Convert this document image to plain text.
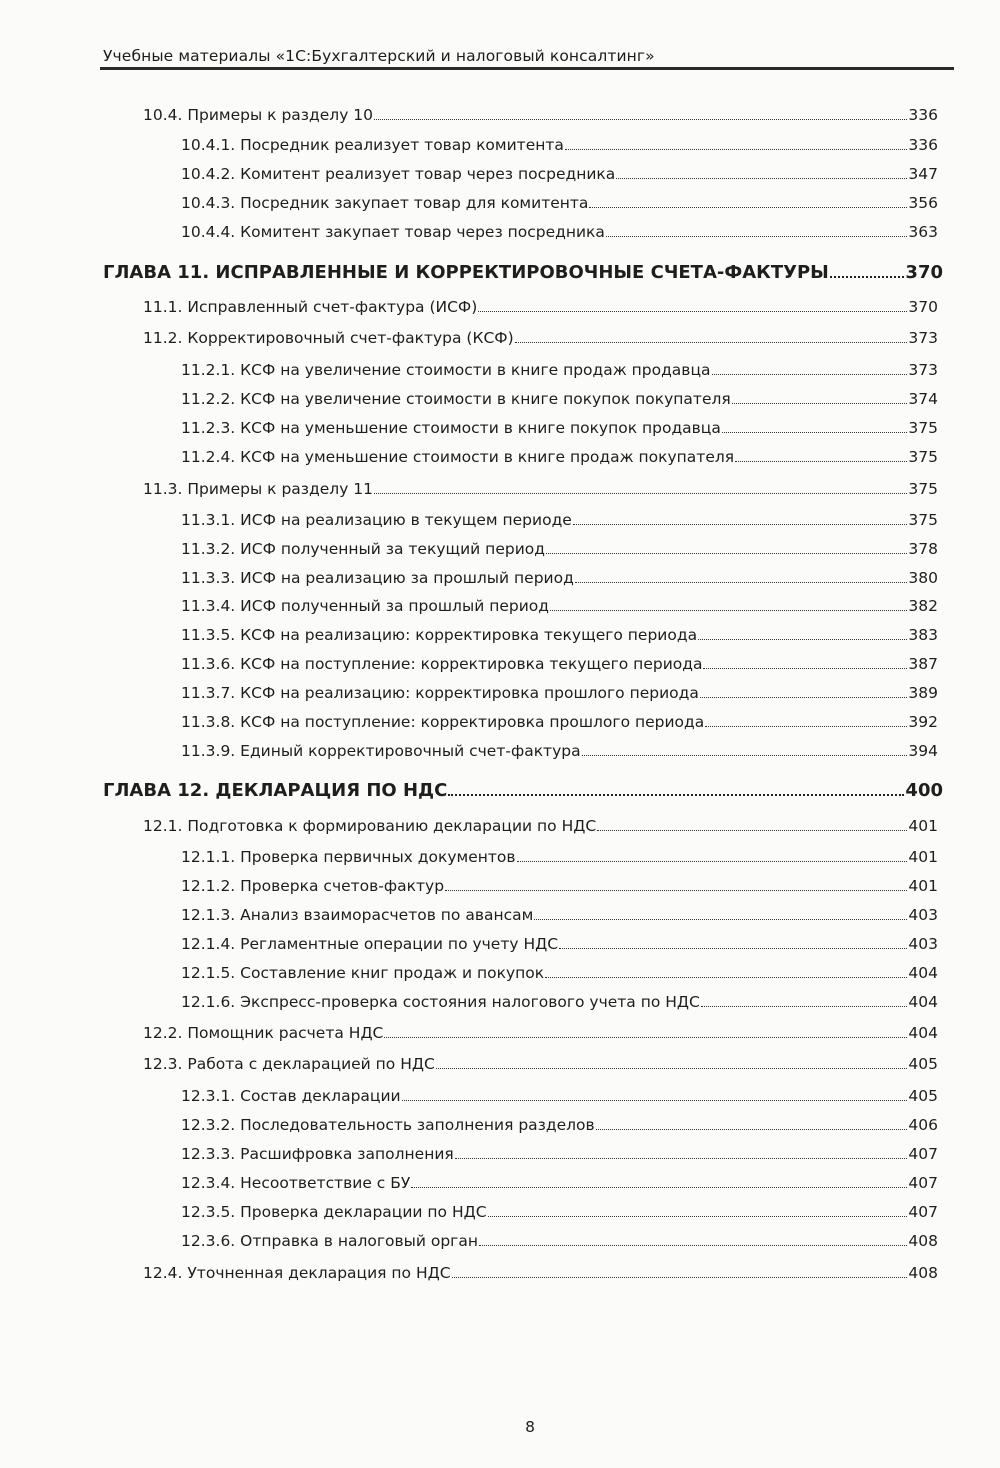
Учебные материалы «1С:Бухгалтерский и налоговый консалтинг»
10.4. Примеры к разделу 10	336
10.4.1. Посредник реализует товар комитента	336
10.4.2. Комитент реализует товар через посредника	347
10.4.3. Посредник закупает товар для комитента	356
10.4.4. Комитент закупает товар через посредника	363
ГЛАВА 11. ИСПРАВЛЕННЫЕ И КОРРЕКТИРОВОЧНЫЕ СЧЕТА-ФАКТУРЫ	370
11.1. Исправленный счет-фактура (ИСФ)	370
11.2. Корректировочный счет-фактура (КСФ)	373
11.2.1. КСФ на увеличение стоимости в книге продаж продавца	373
11.2.2. КСФ на увеличение стоимости в книге покупок покупателя	374
11.2.3. КСФ на уменьшение стоимости в книге покупок продавца	375
11.2.4. КСФ на уменьшение стоимости в книге продаж покупателя	375
11.3. Примеры к разделу 11	375
11.3.1. ИСФ на реализацию в текущем периоде	375
11.3.2. ИСФ полученный за текущий период	378
11.3.3. ИСФ на реализацию за прошлый период	380
11.3.4. ИСФ полученный за прошлый период	382
11.3.5. КСФ на реализацию: корректировка текущего периода	383
11.3.6. КСФ на поступление: корректировка текущего периода	387
11.3.7. КСФ на реализацию: корректировка прошлого периода	389
11.3.8. КСФ на поступление: корректировка прошлого периода	392
11.3.9. Единый корректировочный счет-фактура	394
ГЛАВА 12. ДЕКЛАРАЦИЯ ПО НДС	400
12.1. Подготовка к формированию декларации по НДС	401
12.1.1. Проверка первичных документов	401
12.1.2. Проверка счетов-фактур	401
12.1.3. Анализ взаиморасчетов по авансам	403
12.1.4. Регламентные операции по учету НДС	403
12.1.5. Составление книг продаж и покупок	404
12.1.6. Экспресс-проверка состояния налогового учета по НДС	404
12.2. Помощник расчета НДС	404
12.3. Работа с декларацией по НДС	405
12.3.1. Состав декларации	405
12.3.2. Последовательность заполнения разделов	406
12.3.3. Расшифровка заполнения	407
12.3.4. Несоответствие с БУ	407
12.3.5. Проверка декларации по НДС	407
12.3.6. Отправка в налоговый орган	408
12.4. Уточненная декларация по НДС	408
8
